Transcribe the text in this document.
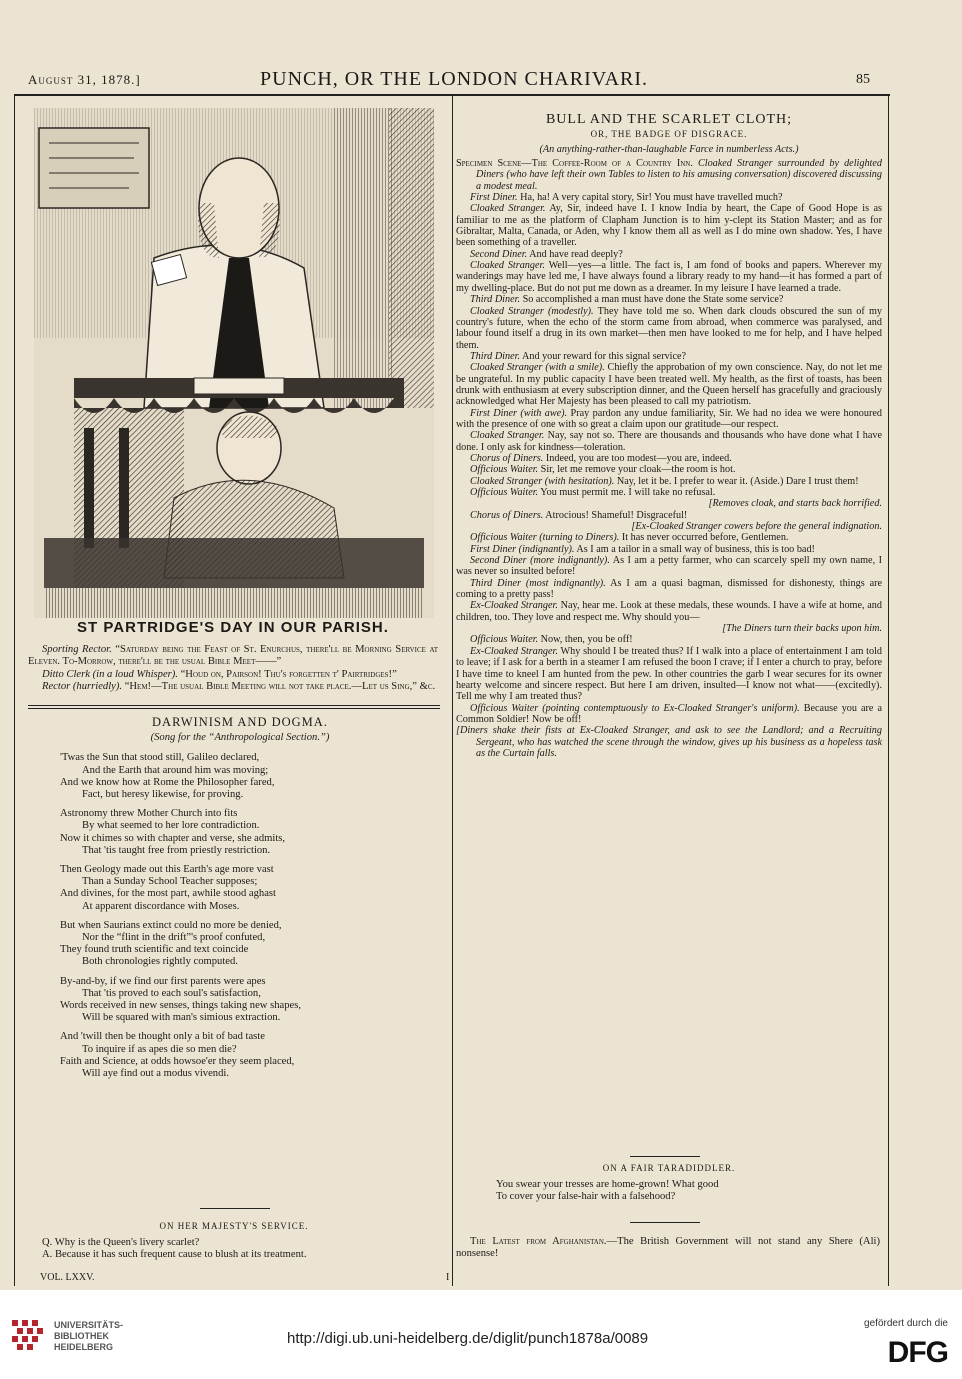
August 31, 1878.]	PUNCH, OR THE LONDON CHARIVARI.	85

ST PARTRIDGE'S DAY IN OUR PARISH.

Sporting Rector. “Saturday being the Feast of St. Enurchus, there'll be Morning Service at Eleven. To-Morrow, there'll be the usual Bible Meet——”

Ditto Clerk (in a loud Whisper). “Houd on, Pairson! Thu's forgetten t' Pairtridges!”

Rector (hurriedly). “Hem!—The usual Bible Meeting will not take place.—Let us Sing,” &c.

DARWINISM AND DOGMA.

(Song for the “Anthropological Section.”)

'Twas the Sun that stood still, Galileo declared,

And the Earth that around him was moving;

And we know how at Rome the Philosopher fared,

Fact, but heresy likewise, for proving.

Astronomy threw Mother Church into fits

By what seemed to her lore contradiction.

Now it chimes so with chapter and verse, she admits,

That 'tis taught free from priestly restriction.

Then Geology made out this Earth's age more vast

Than a Sunday School Teacher supposes;

And divines, for the most part, awhile stood aghast

At apparent discordance with Moses.

But when Saurians extinct could no more be denied,

Nor the “flint in the drift”'s proof confuted,

They found truth scientific and text coincide

Both chronologies rightly computed.

By-and-by, if we find our first parents were apes

That 'tis proved to each soul's satisfaction,

Words received in new senses, things taking new shapes,

Will be squared with man's simious extraction.

And 'twill then be thought only a bit of bad taste

To inquire if as apes die so men die?

Faith and Science, at odds howsoe'er they seem placed,

Will aye find out a modus vivendi.

ON HER MAJESTY'S SERVICE.

Q. Why is the Queen's livery scarlet?

A. Because it has such frequent cause to blush at its treatment.

BULL AND THE SCARLET CLOTH;

OR, THE BADGE OF DISGRACE.

(An anything-rather-than-laughable Farce in numberless Acts.)

Specimen Scene—The Coffee-Room of a Country Inn. Cloaked Stranger surrounded by delighted Diners (who have left their own Tables to listen to his amusing conversation) discovered discussing a modest meal.

First Diner. Ha, ha! A very capital story, Sir! You must have travelled much?

Cloaked Stranger. Ay, Sir, indeed have I. I know India by heart, the Cape of Good Hope is as familiar to me as the platform of Clapham Junction is to him y-clept its Station Master; and as for Gibraltar, Malta, Canada, or Aden, why I know them all as well as I do mine own shadow. Yes, I have been something of a traveller.

Second Diner. And have read deeply?

Cloaked Stranger. Well—yes—a little. The fact is, I am fond of books and papers. Wherever my wanderings may have led me, I have always found a library ready to my hand—it has formed a part of my dwelling-place. But do not put me down as a dreamer. In my leisure I have learned a trade.

Third Diner. So accomplished a man must have done the State some service?

Cloaked Stranger (modestly). They have told me so. When dark clouds obscured the sun of my country's future, when the echo of the storm came from abroad, when commerce was paralysed, and labour found itself a drug in its own market—then men have looked to me for help, and I have helped them.

Third Diner. And your reward for this signal service?

Cloaked Stranger (with a smile). Chiefly the approbation of my own conscience. Nay, do not let me be ungrateful. In my public capacity I have been treated well. My health, as the first of toasts, has been drunk with enthusiasm at every subscription dinner, and the Queen herself has gracefully and graciously acknowledged what Her Majesty has been pleased to call my patriotism.

First Diner (with awe). Pray pardon any undue familiarity, Sir. We had no idea we were honoured with the presence of one with so great a claim upon our gratitude—our respect.

Cloaked Stranger. Nay, say not so. There are thousands and thousands who have done what I have done. I only ask for kindness—toleration.

Chorus of Diners. Indeed, you are too modest—you are, indeed.

Officious Waiter. Sir, let me remove your cloak—the room is hot.

Cloaked Stranger (with hesitation). Nay, let it be. I prefer to wear it. (Aside.) Dare I trust them!

Officious Waiter. You must permit me. I will take no refusal.

[Removes cloak, and starts back horrified.

Chorus of Diners. Atrocious! Shameful! Disgraceful!

[Ex-Cloaked Stranger cowers before the general indignation.

Officious Waiter (turning to Diners). It has never occurred before, Gentlemen.

First Diner (indignantly). As I am a tailor in a small way of business, this is too bad!

Second Diner (more indignantly). As I am a petty farmer, who can scarcely spell my own name, I was never so insulted before!

Third Diner (most indignantly). As I am a quasi bagman, dismissed for dishonesty, things are coming to a pretty pass!

Ex-Cloaked Stranger. Nay, hear me. Look at these medals, these wounds. I have a wife at home, and children, too. They love and respect me. Why should you—

[The Diners turn their backs upon him.

Officious Waiter. Now, then, you be off!

Ex-Cloaked Stranger. Why should I be treated thus? If I walk into a place of entertainment I am told to leave; if I ask for a berth in a steamer I am refused the boon I crave; if I enter a church to pray, before I have time to kneel I am hunted from the pew. In other countries the garb I wear secures for its owner hearty welcome and sincere respect. But here I am driven, insulted—I know not what——(excitedly). Tell me why I am treated thus?

Officious Waiter (pointing contemptuously to Ex-Cloaked Stranger's uniform). Because you are a Common Soldier! Now be off!

[Diners shake their fists at Ex-Cloaked Stranger, and ask to see the Landlord; and a Recruiting Sergeant, who has watched the scene through the window, gives up his business as a hopeless task as the Curtain falls.

ON A FAIR TARADIDDLER.

You swear your tresses are home-grown! What good

To cover your false-hair with a falsehood?

The Latest from Afghanistan.—The British Government will not stand any Shere (Ali) nonsense!

VOL. LXXV.	I
UNIVERSITÄTS-
BIBLIOTHEK
HEIDELBERG	http://digi.ub.uni-heidelberg.de/diglit/punch1878a/0089
gefördert durch die
DFG
